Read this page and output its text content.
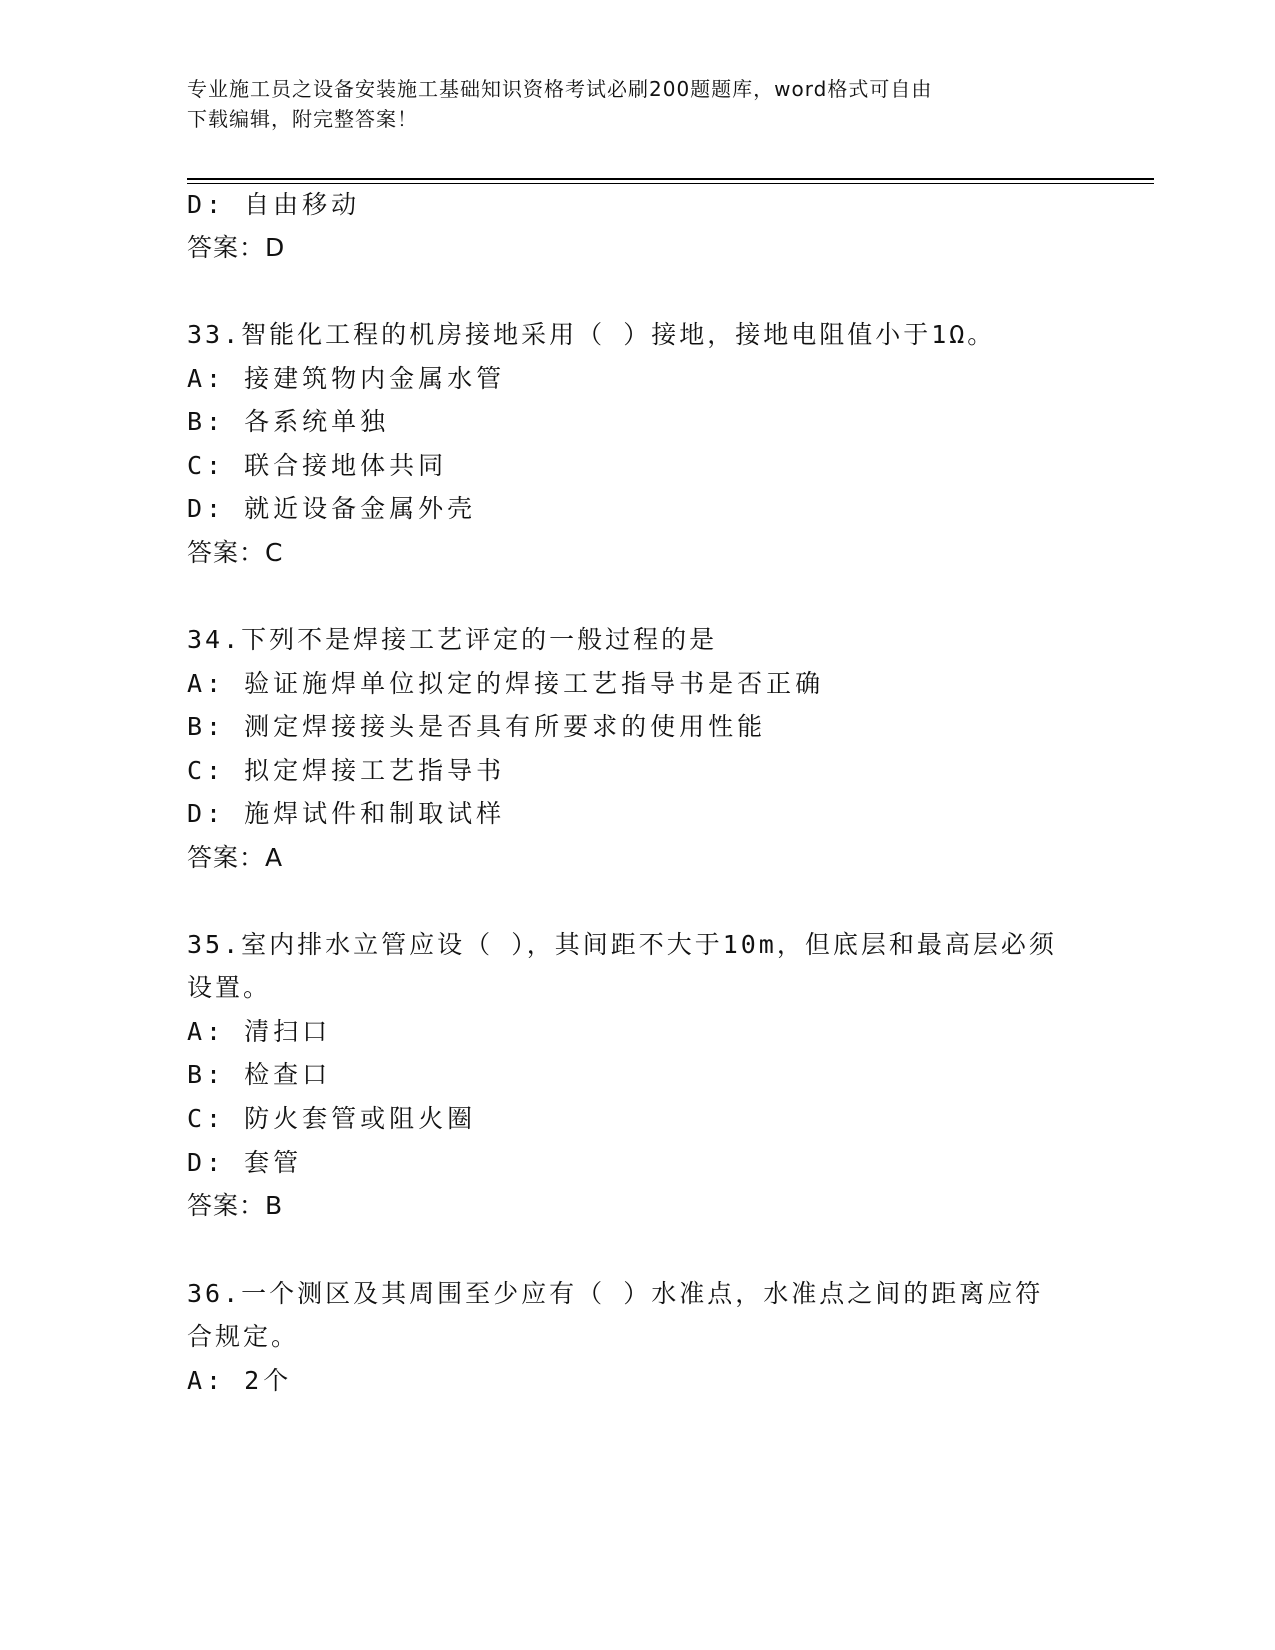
专业施工员之设备安装施工基础知识资格考试必刷200题题库，word格式可自由
下载编辑，附完整答案！
D: 自由移动
答案：D
33.智能化工程的机房接地采用（ ）接地，接地电阻值小于1Ω。
A: 接建筑物内金属水管
B: 各系统单独
C: 联合接地体共同
D: 就近设备金属外壳
答案：C
34.下列不是焊接工艺评定的一般过程的是
A: 验证施焊单位拟定的焊接工艺指导书是否正确
B: 测定焊接接头是否具有所要求的使用性能
C: 拟定焊接工艺指导书
D: 施焊试件和制取试样
答案：A
35.室内排水立管应设（ ），其间距不大于10m，但底层和最高层必须
设置。
A: 清扫口
B: 检查口
C: 防火套管或阻火圈
D: 套管
答案：B
36.一个测区及其周围至少应有（ ）水准点，水准点之间的距离应符
合规定。
A: 2个
